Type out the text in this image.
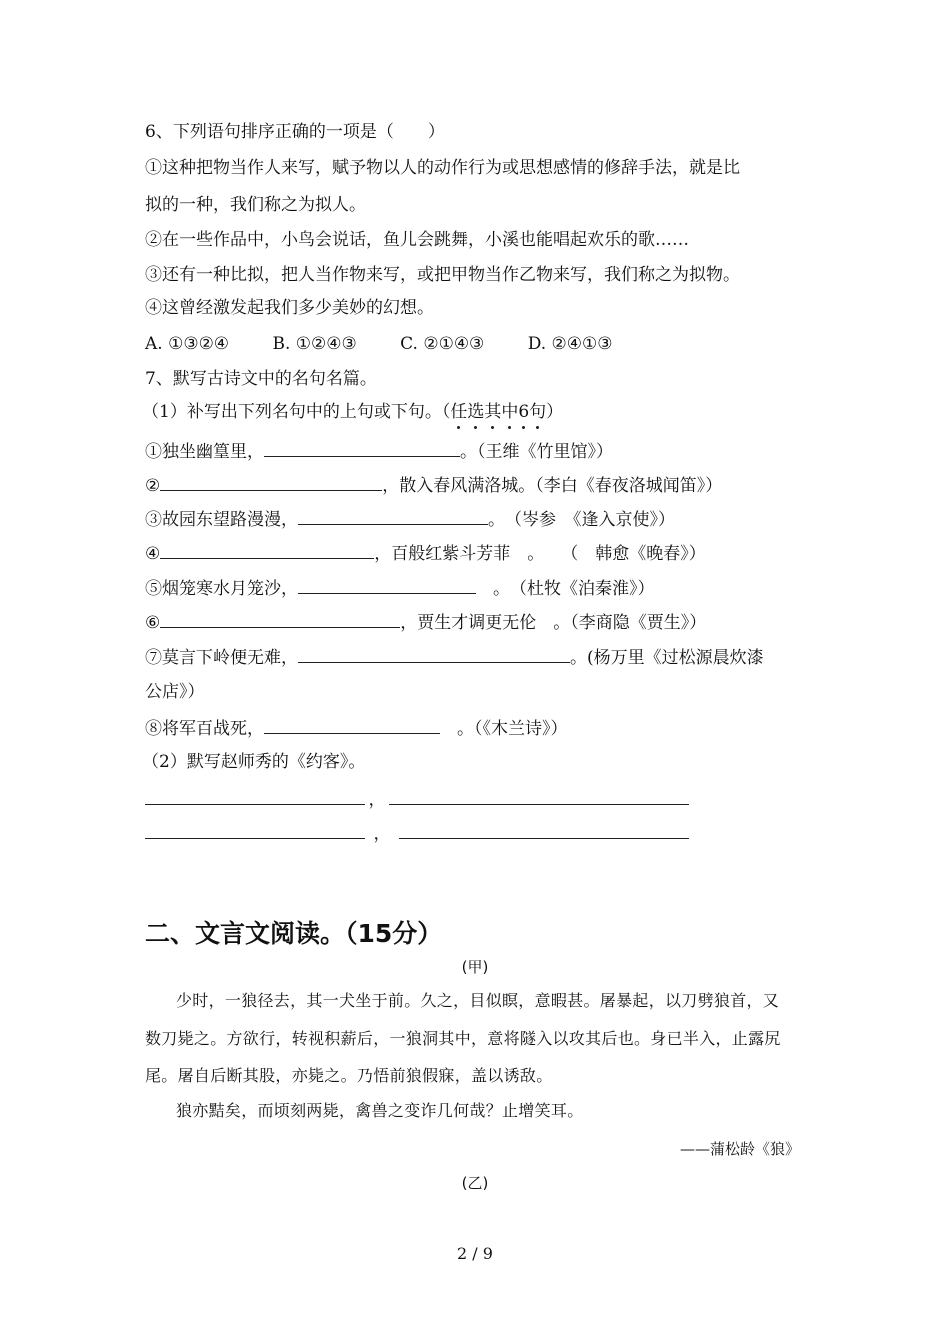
6、下列语句排序正确的一项是（　　）
①这种把物当作人来写，赋予物以人的动作行为或思想感情的修辞手法，就是比
拟的一种，我们称之为拟人。
②在一些作品中，小鸟会说话，鱼儿会跳舞，小溪也能唱起欢乐的歌……
③还有一种比拟，把人当作物来写，或把甲物当作乙物来写，我们称之为拟物。
④这曾经激发起我们多少美妙的幻想。
A. ①③②④	B. ①②④③	C. ②①④③	D. ②④①③
7、默写古诗文中的名句名篇。
（1）补写出下列名句中的上句或下句。（任选其中6句）
①独坐幽篁里，	。（王维《竹里馆》）
②	，散入春风满洛城。（李白《春夜洛城闻笛》）
③故园东望路漫漫，	。　（岑参　《逢入京使》）
④	，百般红紫斗芳菲　。　　（　韩愈《晚春》）
⑤烟笼寒水月笼沙，	　。　（杜牧《泊秦淮》）
⑥	，贾生才调更无伦　。（李商隐《贾生》）
⑦莫言下岭便无难，	。(杨万里《过松源晨炊漆
公店》）
⑧将军百战死，	　。（《木兰诗》）
（2）默写赵师秀的《约客》。
，
，
二、文言文阅读。（15分）
(甲)
少时，一狼径去，其一犬坐于前。久之，目似瞑，意暇甚。屠暴起，以刀劈狼首，又
数刀毙之。方欲行，转视积薪后，一狼洞其中，意将隧入以攻其后也。身已半入，止露尻
尾。屠自后断其股，亦毙之。乃悟前狼假寐，盖以诱敌。
狼亦黠矣，而顷刻两毙，禽兽之变诈几何哉？止增笑耳。
——蒲松龄《狼》
(乙)
2 / 9
